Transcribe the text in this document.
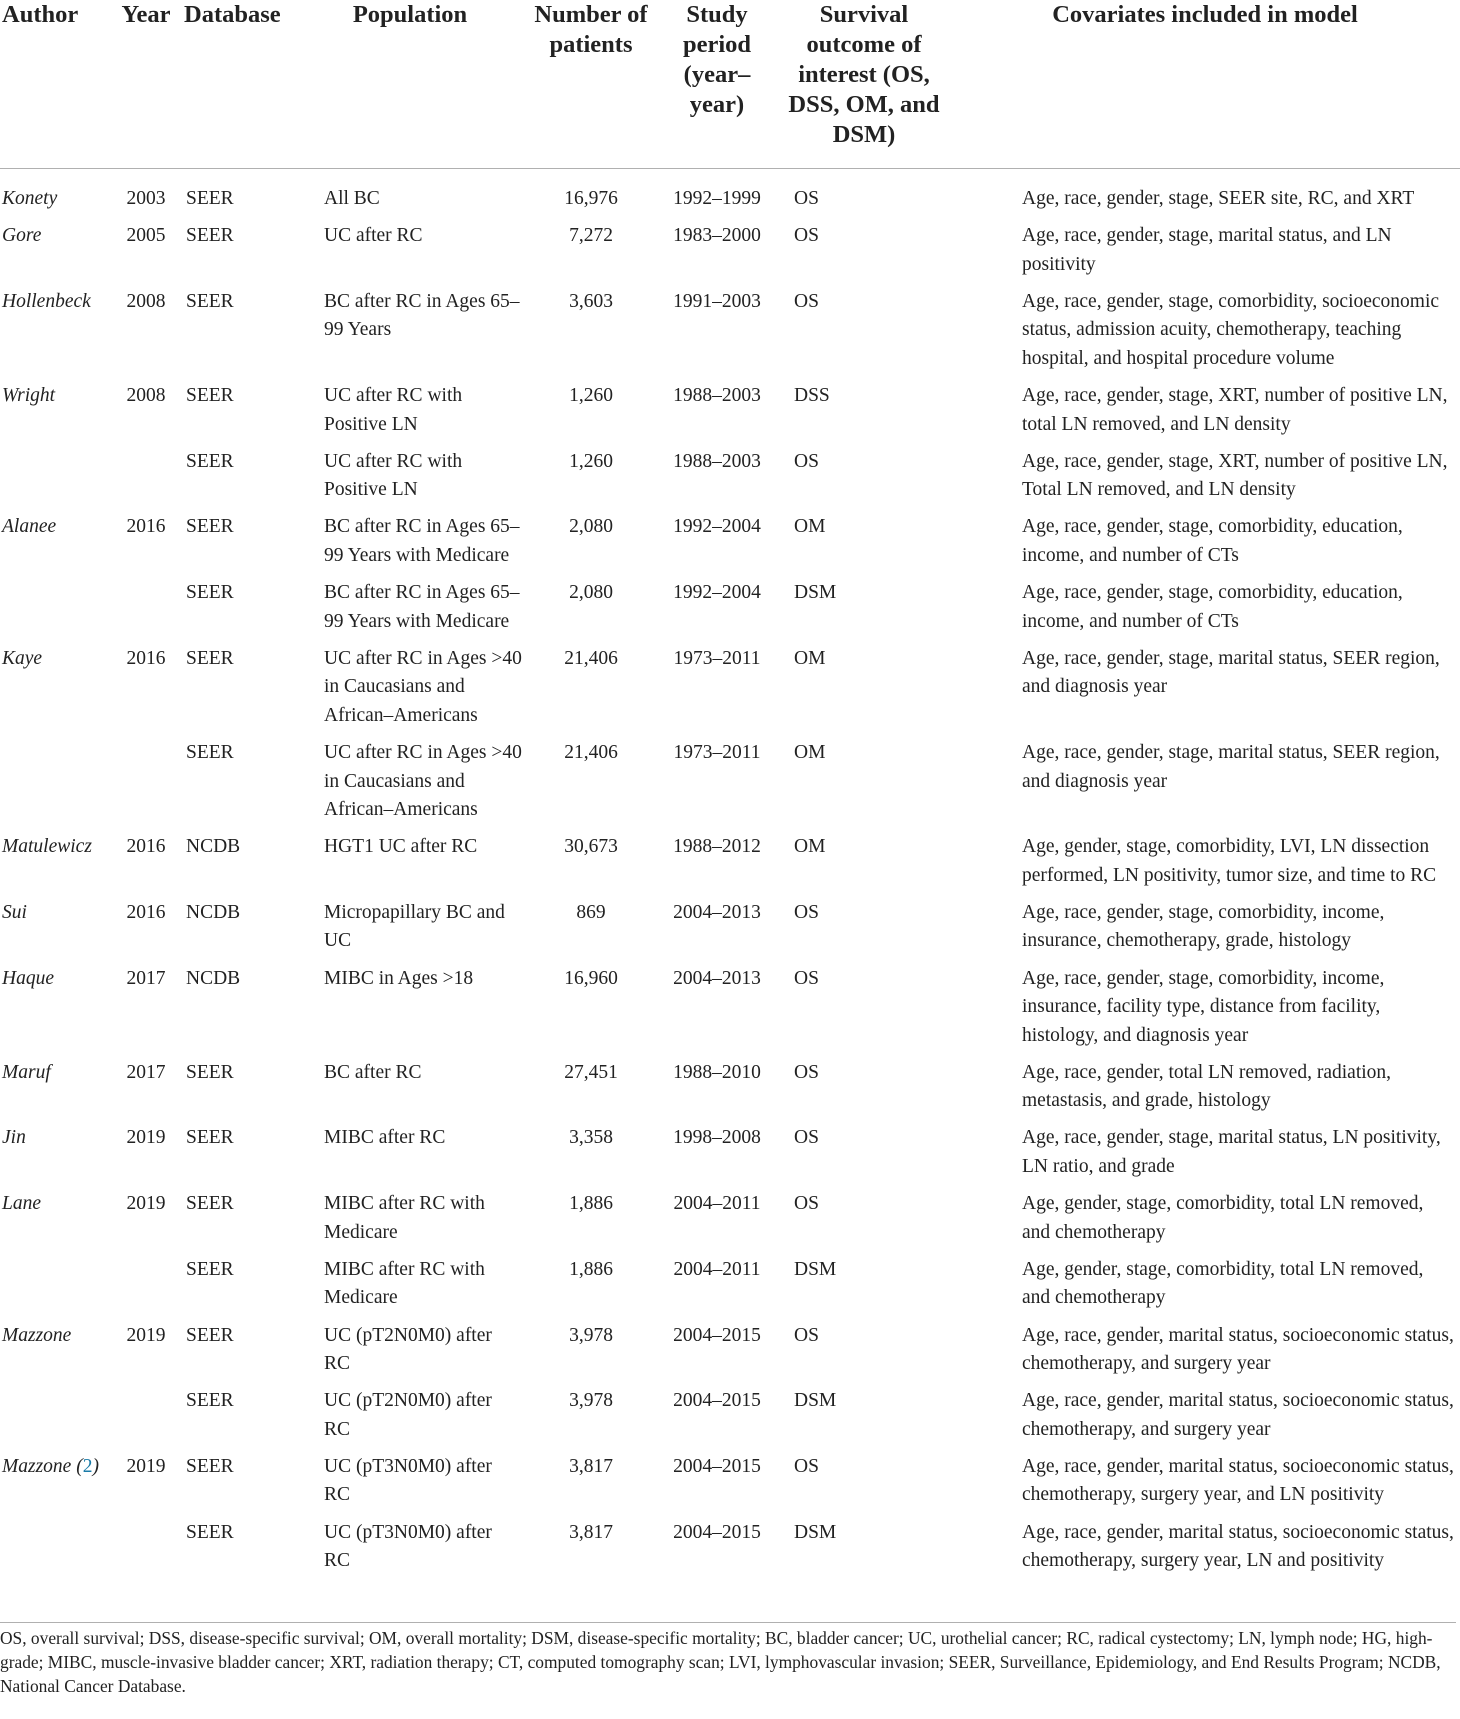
Author	Year	Database	Population	Number of patients	Study period (year–year)	Survival outcome of interest (OS, DSS, OM, and DSM)	Covariates included in model
Konety	2003	SEER	All BC	16,976	1992–1999	OS	Age, race, gender, stage, SEER site, RC, and XRT
Gore	2005	SEER	UC after RC	7,272	1983–2000	OS	Age, race, gender, stage, marital status, and LN positivity
Hollenbeck	2008	SEER	BC after RC in Ages 65–99 Years	3,603	1991–2003	OS	Age, race, gender, stage, comorbidity, socioeconomic status, admission acuity, chemotherapy, teaching hospital, and hospital procedure volume
Wright	2008	SEER	UC after RC with Positive LN	1,260	1988–2003	DSS	Age, race, gender, stage, XRT, number of positive LN, total LN removed, and LN density
		SEER	UC after RC with Positive LN	1,260	1988–2003	OS	Age, race, gender, stage, XRT, number of positive LN, Total LN removed, and LN density
Alanee	2016	SEER	BC after RC in Ages 65–99 Years with Medicare	2,080	1992–2004	OM	Age, race, gender, stage, comorbidity, education, income, and number of CTs
		SEER	BC after RC in Ages 65–99 Years with Medicare	2,080	1992–2004	DSM	Age, race, gender, stage, comorbidity, education, income, and number of CTs
Kaye	2016	SEER	UC after RC in Ages >40 in Caucasians and African–Americans	21,406	1973–2011	OM	Age, race, gender, stage, marital status, SEER region, and diagnosis year
		SEER	UC after RC in Ages >40 in Caucasians and African–Americans	21,406	1973–2011	OM	Age, race, gender, stage, marital status, SEER region, and diagnosis year
Matulewicz	2016	NCDB	HGT1 UC after RC	30,673	1988–2012	OM	Age, gender, stage, comorbidity, LVI, LN dissection performed, LN positivity, tumor size, and time to RC
Sui	2016	NCDB	Micropapillary BC and UC	869	2004–2013	OS	Age, race, gender, stage, comorbidity, income, insurance, chemotherapy, grade, histology
Haque	2017	NCDB	MIBC in Ages >18	16,960	2004–2013	OS	Age, race, gender, stage, comorbidity, income, insurance, facility type, distance from facility, histology, and diagnosis year
Maruf	2017	SEER	BC after RC	27,451	1988–2010	OS	Age, race, gender, total LN removed, radiation, metastasis, and grade, histology
Jin	2019	SEER	MIBC after RC	3,358	1998–2008	OS	Age, race, gender, stage, marital status, LN positivity, LN ratio, and grade
Lane	2019	SEER	MIBC after RC with Medicare	1,886	2004–2011	OS	Age, gender, stage, comorbidity, total LN removed, and chemotherapy
		SEER	MIBC after RC with Medicare	1,886	2004–2011	DSM	Age, gender, stage, comorbidity, total LN removed, and chemotherapy
Mazzone	2019	SEER	UC (pT2N0M0) after RC	3,978	2004–2015	OS	Age, race, gender, marital status, socioeconomic status, chemotherapy, and surgery year
		SEER	UC (pT2N0M0) after RC	3,978	2004–2015	DSM	Age, race, gender, marital status, socioeconomic status, chemotherapy, and surgery year
Mazzone (2)	2019	SEER	UC (pT3N0M0) after RC	3,817	2004–2015	OS	Age, race, gender, marital status, socioeconomic status, chemotherapy, surgery year, and LN positivity
		SEER	UC (pT3N0M0) after RC	3,817	2004–2015	DSM	Age, race, gender, marital status, socioeconomic status, chemotherapy, surgery year, LN and positivity
OS, overall survival; DSS, disease-specific survival; OM, overall mortality; DSM, disease-specific mortality; BC, bladder cancer; UC, urothelial cancer; RC, radical cystectomy; LN, lymph node; HG, high-grade; MIBC, muscle-invasive bladder cancer; XRT, radiation therapy; CT, computed tomography scan; LVI, lymphovascular invasion; SEER, Surveillance, Epidemiology, and End Results Program; NCDB, National Cancer Database.
